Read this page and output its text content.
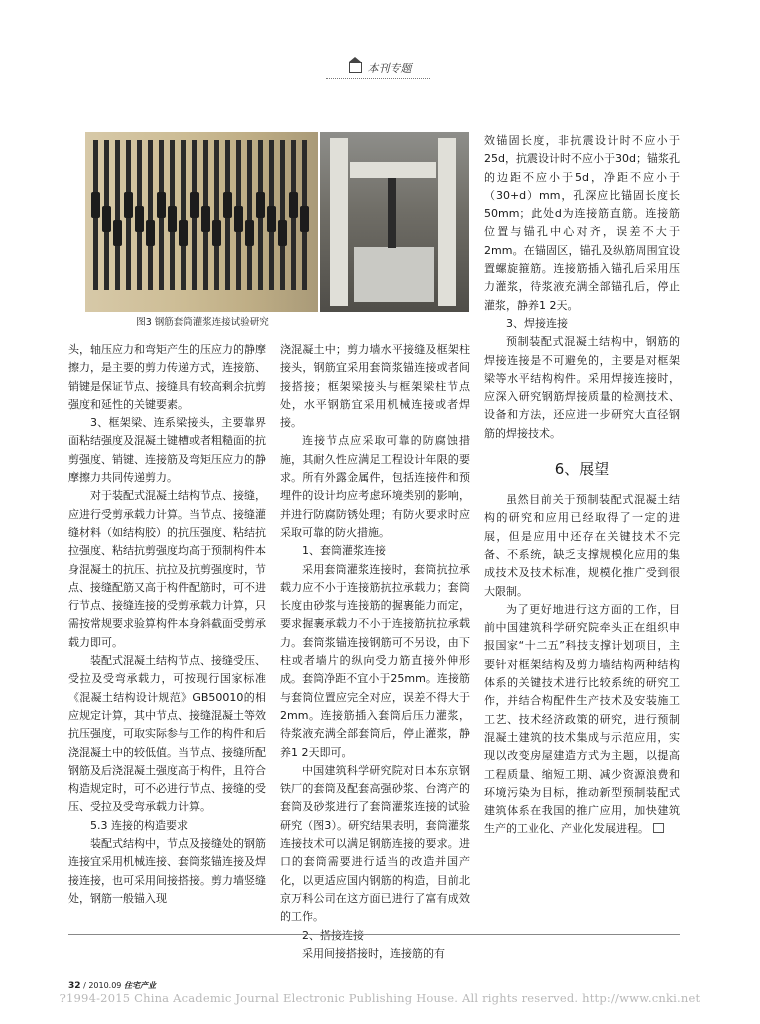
本刊专题
图3 钢筋套筒灌浆连接试验研究

头，轴压应力和弯矩产生的压应力的静摩擦力，是主要的剪力传递方式，连接筋、销键是保证节点、接缝具有较高剩余抗剪强度和延性的关键要素。

3、框架梁、连系梁接头，主要靠界面粘结强度及混凝土键槽或者粗糙面的抗剪强度、销键、连接筋及弯矩压应力的静摩擦力共同传递剪力。

对于装配式混凝土结构节点、接缝，应进行受剪承载力计算。当节点、接缝灌缝材料（如结构胶）的抗压强度、粘结抗拉强度、粘结抗剪强度均高于预制构件本身混凝土的抗压、抗拉及抗剪强度时，节点、接缝配筋又高于构件配筋时，可不进行节点、接缝连接的受剪承载力计算，只需按常规要求验算构件本身斜截面受剪承载力即可。

装配式混凝土结构节点、接缝受压、受拉及受弯承载力，可按现行国家标准《混凝土结构设计规范》GB50010的相应规定计算，其中节点、接缝混凝土等效抗压强度，可取实际参与工作的构件和后浇混凝土中的较低值。当节点、接缝所配钢筋及后浇混凝土强度高于构件，且符合构造规定时，可不必进行节点、接缝的受压、受拉及受弯承载力计算。

5.3 连接的构造要求

装配式结构中，节点及接缝处的钢筋连接宜采用机械连接、套筒浆锚连接及焊接连接，也可采用间接搭接。剪力墙竖缝处，钢筋一般锚入现

浇混凝土中；剪力墙水平接缝及框架柱接头，钢筋宜采用套筒浆锚连接或者间接搭接；框架梁接头与框架梁柱节点处，水平钢筋宜采用机械连接或者焊接。

连接节点应采取可靠的防腐蚀措施，其耐久性应满足工程设计年限的要求。所有外露金属件，包括连接件和预埋件的设计均应考虑环境类别的影响，并进行防腐防锈处理；有防火要求时应采取可靠的防火措施。

1、套筒灌浆连接

采用套筒灌浆连接时，套筒抗拉承载力应不小于连接筋抗拉承载力；套筒长度由砂浆与连接筋的握裹能力而定，要求握裹承载力不小于连接筋抗拉承载力。套筒浆锚连接钢筋可不另设，由下柱或者墙片的纵向受力筋直接外伸形成。套筒净距不宜小于25mm。连接筋与套筒位置应完全对应，误差不得大于2mm。连接筋插入套筒后压力灌浆，待浆液充满全部套筒后，停止灌浆，静养1 2天即可。

中国建筑科学研究院对日本东京钢铁厂的套筒及配套高强砂浆、台湾产的套筒及砂浆进行了套筒灌浆连接的试验研究（图3）。研究结果表明，套筒灌浆连接技术可以满足钢筋连接的要求。进口的套筒需要进行适当的改造并国产化，以更适应国内钢筋的构造，目前北京万科公司在这方面已进行了富有成效的工作。

2、搭接连接

采用间接搭接时，连接筋的有

效锚固长度，非抗震设计时不应小于25d，抗震设计时不应小于30d；锚浆孔的边距不应小于5d，净距不应小于（30+d）mm，孔深应比锚固长度长50mm；此处d为连接筋直筋。连接筋位置与锚孔中心对齐，误差不大于2mm。在锚固区，锚孔及纵筋周围宜设置螺旋箍筋。连接筋插入锚孔后采用压力灌浆，待浆液充满全部锚孔后，停止灌浆，静养1 2天。

3、焊接连接

预制装配式混凝土结构中，钢筋的焊接连接是不可避免的，主要是对框架梁等水平结构构件。采用焊接连接时，应深入研究钢筋焊接质量的检测技术、设备和方法，还应进一步研究大直径钢筋的焊接技术。

6、展望

虽然目前关于预制装配式混凝土结构的研究和应用已经取得了一定的进展，但是应用中还存在关键技术不完备、不系统，缺乏支撑规模化应用的集成技术及技术标准，规模化推广受到很大限制。

为了更好地进行这方面的工作，目前中国建筑科学研究院牵头正在组织申报国家“十二五”科技支撑计划项目，主要针对框架结构及剪力墙结构两种结构体系的关键技术进行比较系统的研究工作，并结合构配件生产技术及安装施工工艺、技术经济政策的研究，进行预制混凝土建筑的技术集成与示范应用，实现以改变房屋建造方式为主题，以提高工程质量、缩短工期、减少资源浪费和环境污染为目标，推动新型预制装配式建筑体系在我国的推广应用，加快建筑生产的工业化、产业化发展进程。

32 / 2010.09 住宅产业
?1994-2015 China Academic Journal Electronic Publishing House. All rights reserved. http://www.cnki.net
